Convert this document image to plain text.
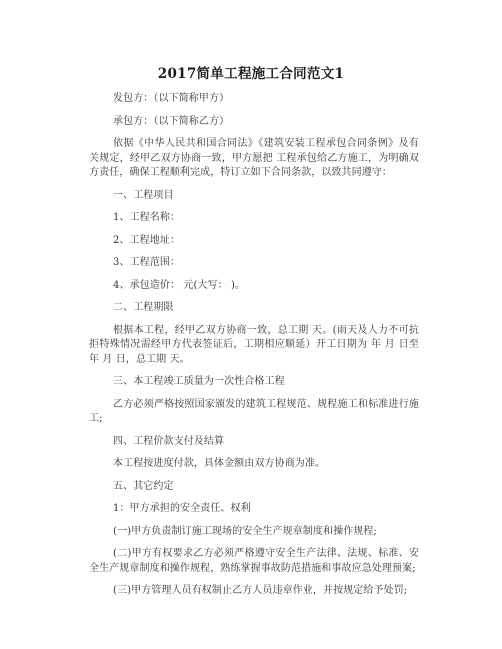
2017简单工程施工合同范文1

发包方：（以下简称甲方）

承包方：（以下简称乙方）

依据《中华人民共和国合同法》《建筑安装工程承包合同条例》及有关规定，经甲乙双方协商一致，甲方愿把 工程承包给乙方施工，为明确双方责任，确保工程顺利完成，特订立如下合同条款，以致共同遵守：

一、工程项目

1、工程名称：

2、工程地址：

3、工程范围：

4、承包造价： 元(大写： )。

二、工程期限

根据本工程，经甲乙双方协商一致，总工期 天。(雨天及人力不可抗拒特殊情况需经甲方代表签证后，工期相应顺延）开工日期为 年 月 日至 年 月 日，总工期 天。

三、本工程竣工质量为一次性合格工程

乙方必须严格按照国家颁发的建筑工程规范、规程施工和标准进行施工;

四、工程价款支付及结算

本工程按进度付款，具体金额由双方协商为准。

五、其它约定

1：甲方承担的安全责任、权利

(一)甲方负责制订施工现场的安全生产规章制度和操作规程;

(二)甲方有权要求乙方必须严格遵守安全生产法律、法规、标准、安全生产规章制度和操作规程，熟练掌握事故防范措施和事故应急处理预案;

(三)甲方管理人员有权制止乙方人员违章作业，并按规定给予处罚;
